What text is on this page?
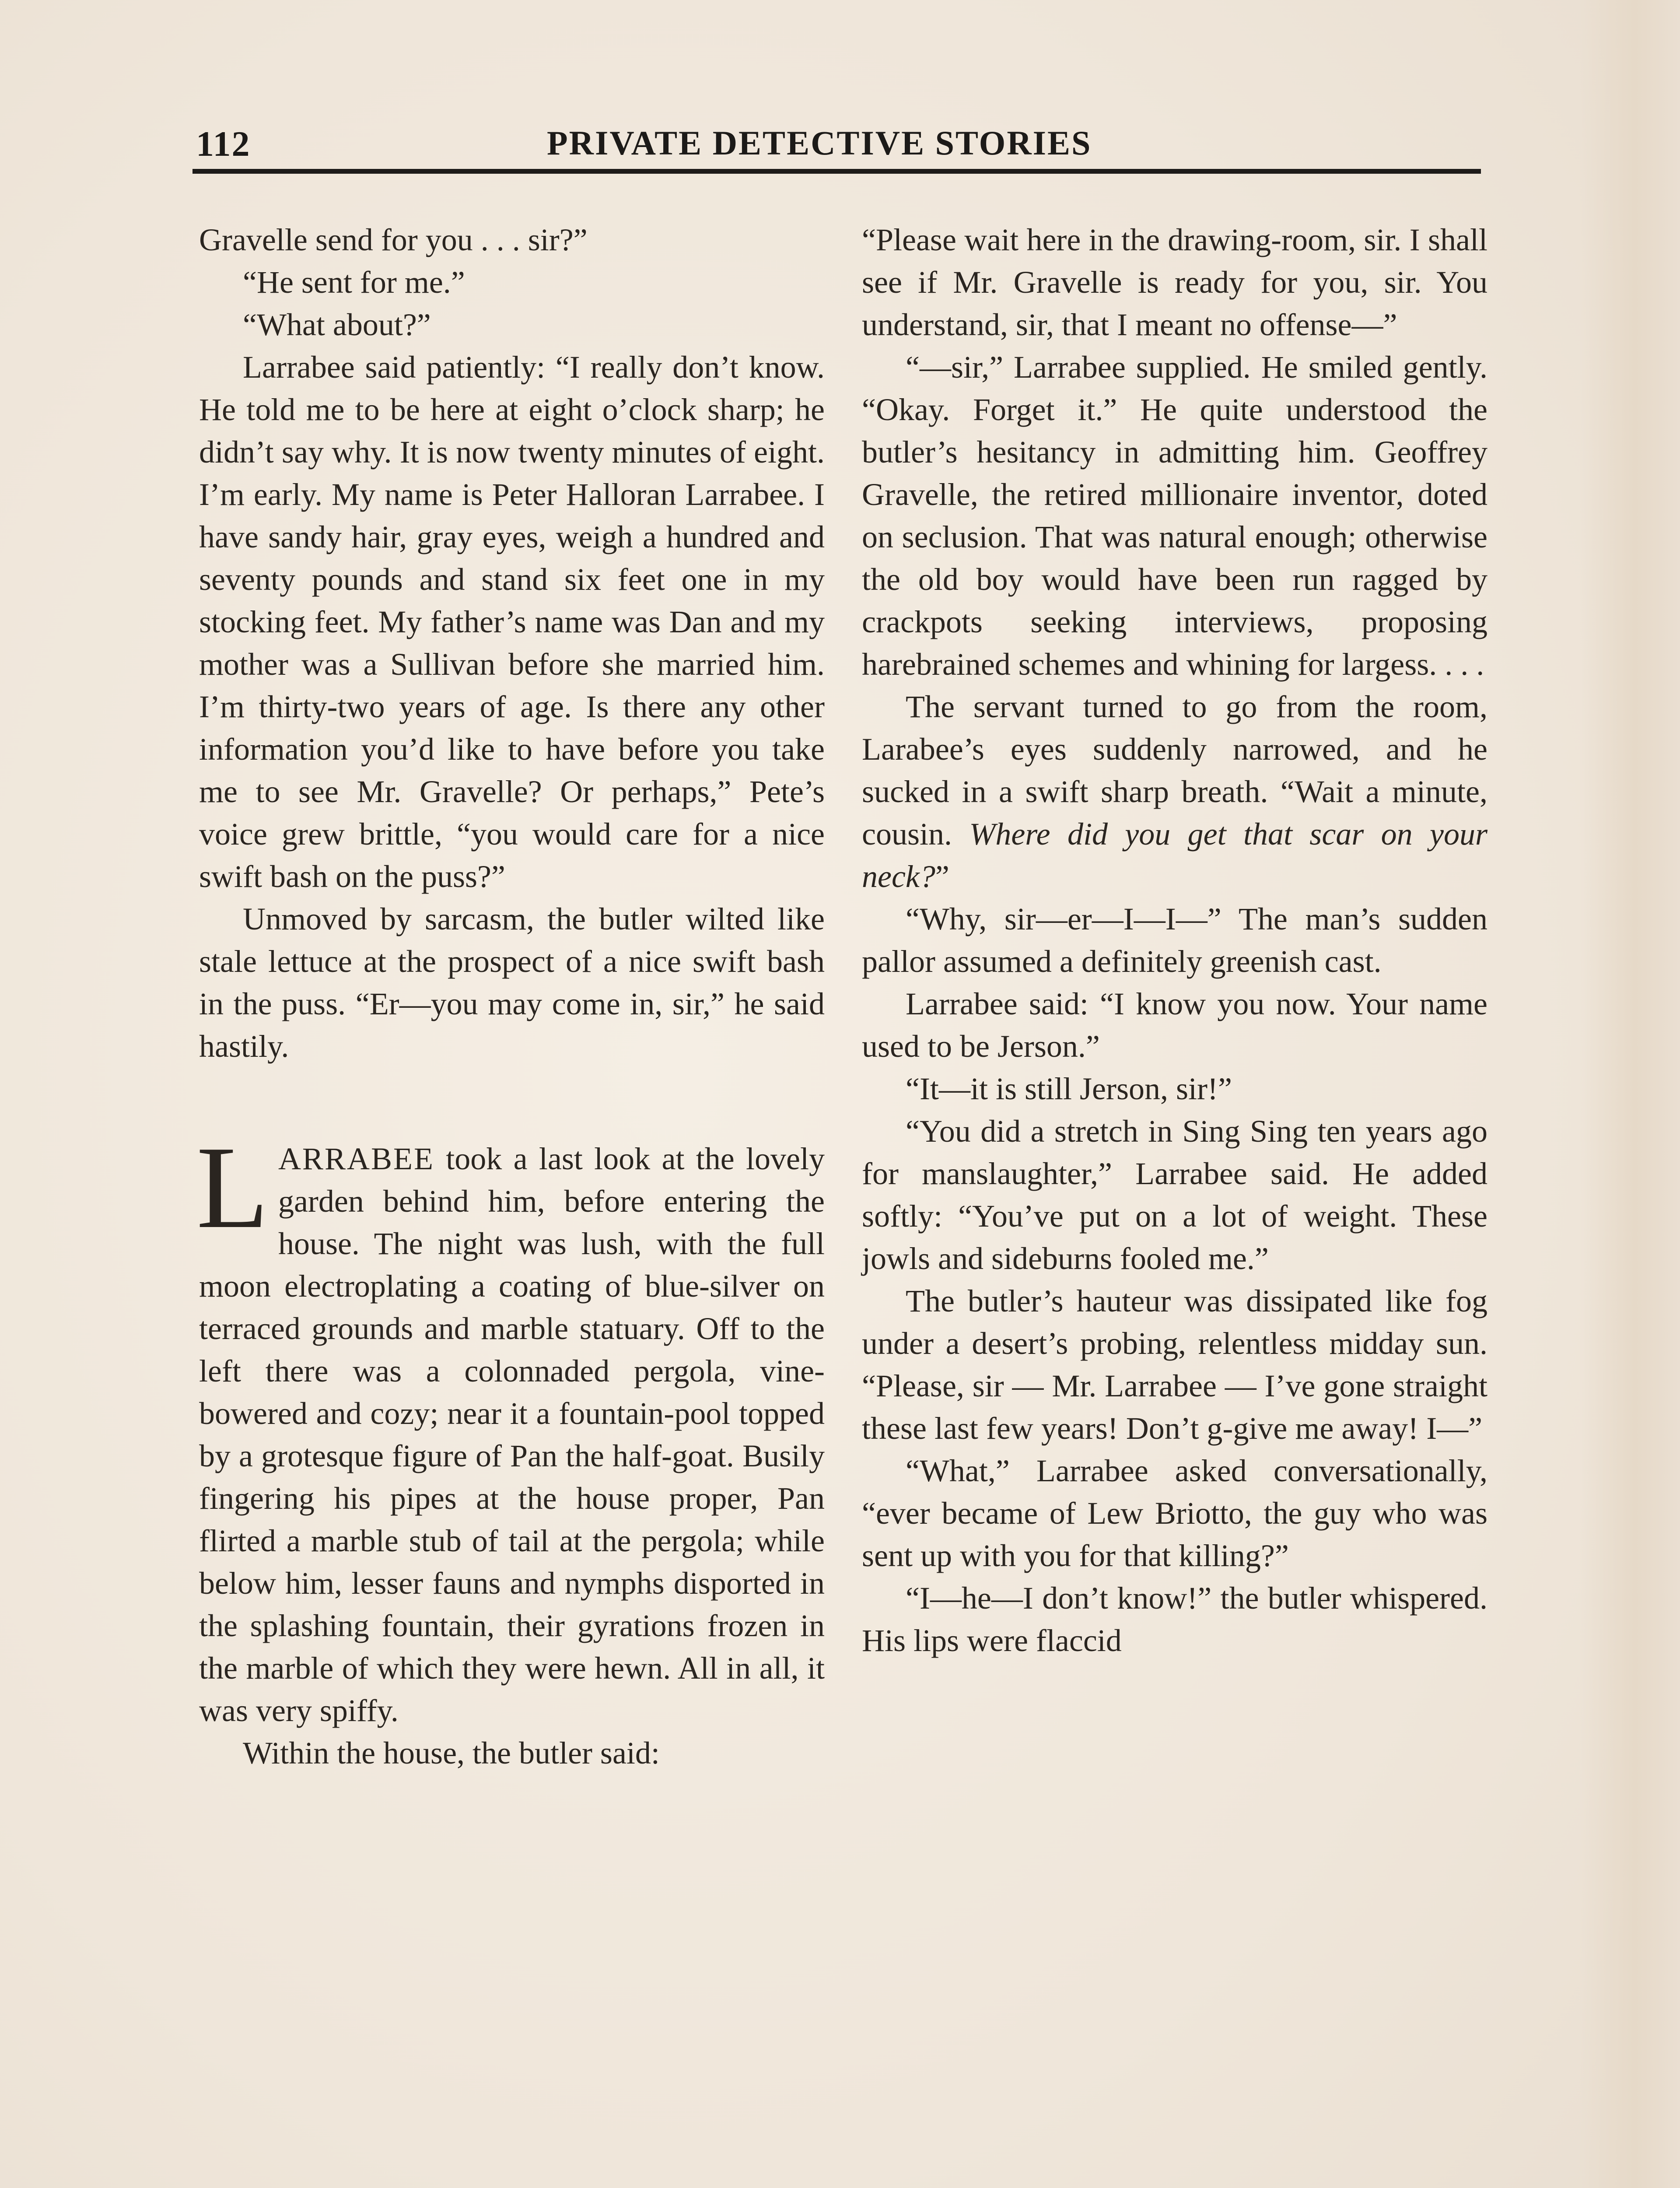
112	PRIVATE DETECTIVE STORIES

Gravelle send for you . . . sir?”

“He sent for me.”

“What about?”

Larrabee said patiently: “I really don’t know. He told me to be here at eight o’clock sharp; he didn’t say why. It is now twenty minutes of eight. I’m early. My name is Peter Halloran Larrabee. I have sandy hair, gray eyes, weigh a hundred and seventy pounds and stand six feet one in my stocking feet. My father’s name was Dan and my mother was a Sullivan before she married him. I’m thirty-two years of age. Is there any other information you’d like to have before you take me to see Mr. Gravelle? Or perhaps,” Pete’s voice grew brittle, “you would care for a nice swift bash on the puss?”

Unmoved by sarcasm, the butler wilted like stale lettuce at the prospect of a nice swift bash in the puss. “Er—you may come in, sir,” he said hastily.

LARRABEE took a last look at the lovely garden behind him, before entering the house. The night was lush, with the full moon electroplating a coating of blue-silver on terraced grounds and marble statuary. Off to the left there was a colonnaded pergola, vine-bowered and cozy; near it a fountain-pool topped by a grotesque figure of Pan the half-goat. Busily fingering his pipes at the house proper, Pan flirted a marble stub of tail at the pergola; while below him, lesser fauns and nymphs disported in the splashing fountain, their gyrations frozen in the marble of which they were hewn. All in all, it was very spiffy.

Within the house, the butler said:

“Please wait here in the drawing-room, sir. I shall see if Mr. Gravelle is ready for you, sir. You understand, sir, that I meant no offense—”

“—sir,” Larrabee supplied. He smiled gently. “Okay. Forget it.” He quite understood the butler’s hesitancy in admitting him. Geoffrey Gravelle, the retired millionaire inventor, doted on seclusion. That was natural enough; otherwise the old boy would have been run ragged by crackpots seeking interviews, proposing harebrained schemes and whining for largess. . . .

The servant turned to go from the room, Larabee’s eyes suddenly narrowed, and he sucked in a swift sharp breath. “Wait a minute, cousin. Where did you get that scar on your neck?”

“Why, sir—er—I—I—” The man’s sudden pallor assumed a definitely greenish cast.

Larrabee said: “I know you now. Your name used to be Jerson.”

“It—it is still Jerson, sir!”

“You did a stretch in Sing Sing ten years ago for manslaughter,” Larrabee said. He added softly: “You’ve put on a lot of weight. These jowls and sideburns fooled me.”

The butler’s hauteur was dissipated like fog under a desert’s probing, relentless midday sun. “Please, sir — Mr. Larrabee — I’ve gone straight these last few years! Don’t g-give me away! I—”

“What,” Larrabee asked conversationally, “ever became of Lew Briotto, the guy who was sent up with you for that killing?”

“I—he—I don’t know!” the butler whispered. His lips were flaccid
